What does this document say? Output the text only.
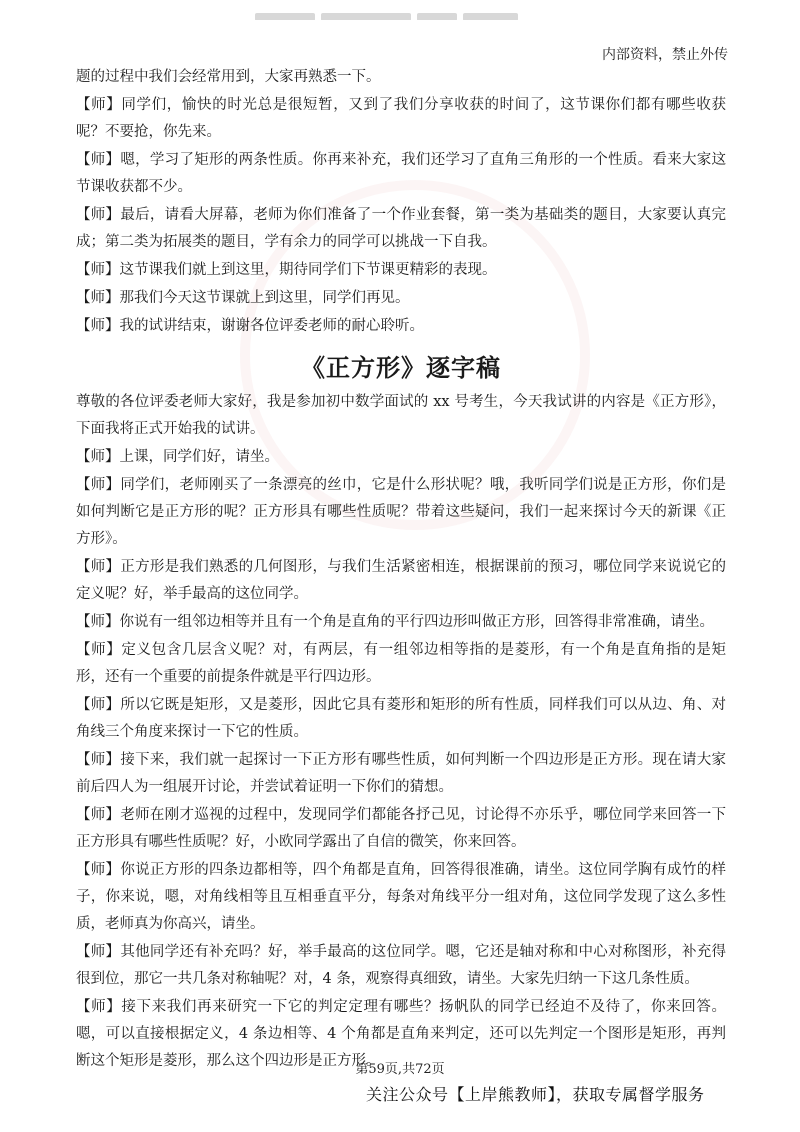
内部资料，禁止外传

题的过程中我们会经常用到，大家再熟悉一下。

【师】同学们，愉快的时光总是很短暂，又到了我们分享收获的时间了，这节课你们都有哪些收获呢？不要抢，你先来。

【师】嗯，学习了矩形的两条性质。你再来补充，我们还学习了直角三角形的一个性质。看来大家这节课收获都不少。

【师】最后，请看大屏幕，老师为你们准备了一个作业套餐，第一类为基础类的题目，大家要认真完成；第二类为拓展类的题目，学有余力的同学可以挑战一下自我。

【师】这节课我们就上到这里，期待同学们下节课更精彩的表现。

【师】那我们今天这节课就上到这里，同学们再见。

【师】我的试讲结束，谢谢各位评委老师的耐心聆听。

《正方形》逐字稿

尊敬的各位评委老师大家好，我是参加初中数学面试的 xx 号考生，今天我试讲的内容是《正方形》，下面我将正式开始我的试讲。

【师】上课，同学们好，请坐。

【师】同学们，老师刚买了一条漂亮的丝巾，它是什么形状呢？哦，我听同学们说是正方形，你们是如何判断它是正方形的呢？正方形具有哪些性质呢？带着这些疑问，我们一起来探讨今天的新课《正方形》。

【师】正方形是我们熟悉的几何图形，与我们生活紧密相连，根据课前的预习，哪位同学来说说它的定义呢？好，举手最高的这位同学。

【师】你说有一组邻边相等并且有一个角是直角的平行四边形叫做正方形，回答得非常准确，请坐。

【师】定义包含几层含义呢？对，有两层，有一组邻边相等指的是菱形，有一个角是直角指的是矩形，还有一个重要的前提条件就是平行四边形。

【师】所以它既是矩形，又是菱形，因此它具有菱形和矩形的所有性质，同样我们可以从边、角、对角线三个角度来探讨一下它的性质。

【师】接下来，我们就一起探讨一下正方形有哪些性质，如何判断一个四边形是正方形。现在请大家前后四人为一组展开讨论，并尝试着证明一下你们的猜想。

【师】老师在刚才巡视的过程中，发现同学们都能各抒己见，讨论得不亦乐乎，哪位同学来回答一下正方形具有哪些性质呢？好，小欧同学露出了自信的微笑，你来回答。

【师】你说正方形的四条边都相等，四个角都是直角，回答得很准确，请坐。这位同学胸有成竹的样子，你来说，嗯，对角线相等且互相垂直平分，每条对角线平分一组对角，这位同学发现了这么多性质，老师真为你高兴，请坐。

【师】其他同学还有补充吗？好，举手最高的这位同学。嗯，它还是轴对称和中心对称图形，补充得很到位，那它一共几条对称轴呢？对，4 条，观察得真细致，请坐。大家先归纳一下这几条性质。

【师】接下来我们再来研究一下它的判定定理有哪些？扬帆队的同学已经迫不及待了，你来回答。嗯，可以直接根据定义，4 条边相等、4 个角都是直角来判定，还可以先判定一个图形是矩形，再判断这个矩形是菱形，那么这个四边形是正方形。

第59页,共72页
关注公众号【上岸熊教师】，获取专属督学服务
